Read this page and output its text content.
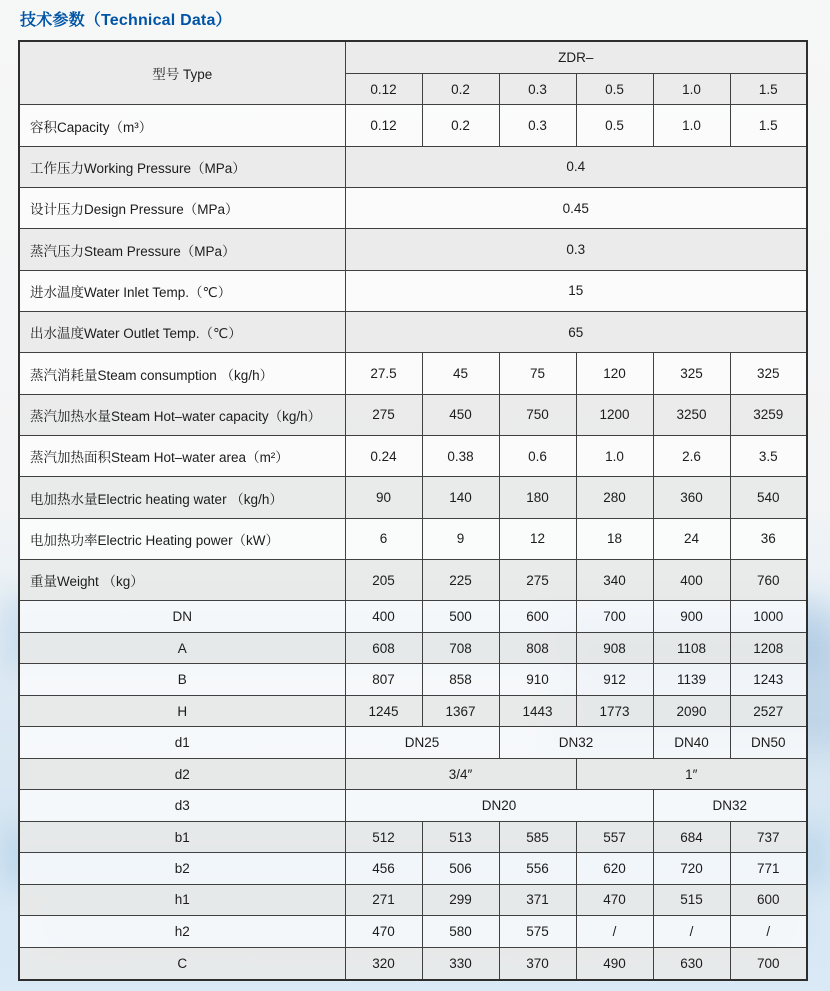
技术参数（Technical Data）
型号 Type	ZDR–					
	0.12	0.2	0.3	0.5	1.0	1.5
容积Capacity（m³）	0.12	0.2	0.3	0.5	1.0	1.5
工作压力Working Pressure（MPa）	0.4					
设计压力Design Pressure（MPa）	0.45					
蒸汽压力Steam Pressure（MPa）	0.3					
进水温度Water Inlet Temp.（℃）	15					
出水温度Water Outlet Temp.（℃）	65					
蒸汽消耗量Steam consumption （kg/h）	27.5	45	75	120	325	325
蒸汽加热水量Steam Hot–water capacity（kg/h）	275	450	750	1200	3250	3259
蒸汽加热面积Steam Hot–water area（m²）	0.24	0.38	0.6	1.0	2.6	3.5
电加热水量Electric heating water （kg/h）	90	140	180	280	360	540
电加热功率Electric Heating power（kW）	6	9	12	18	24	36
重量Weight （kg）	205	225	275	340	400	760
DN	400	500	600	700	900	1000
A	608	708	808	908	1108	1208
B	807	858	910	912	1139	1243
H	1245	1367	1443	1773	2090	2527
d1	DN25		DN32		DN40	DN50
d2	3/4″			1″		
d3	DN20				DN32	
b1	512	513	585	557	684	737
b2	456	506	556	620	720	771
h1	271	299	371	470	515	600
h2	470	580	575	/	/	/
C	320	330	370	490	630	700
